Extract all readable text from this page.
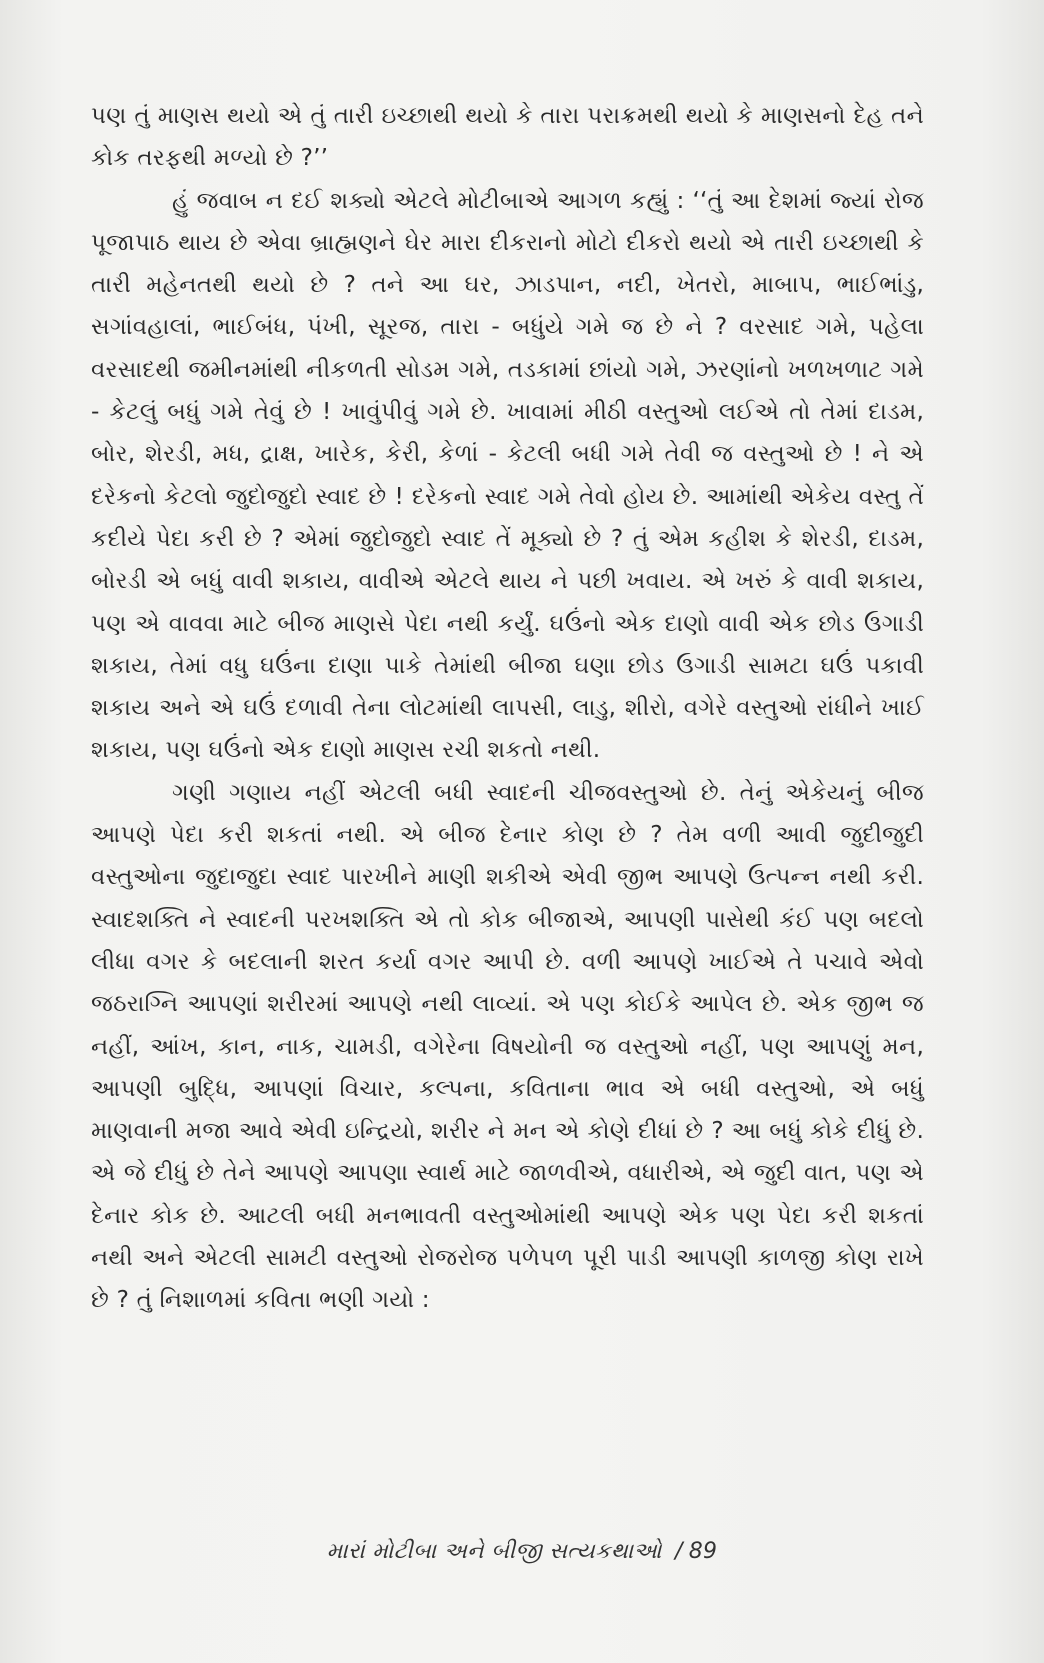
પણ તું માણસ થયો એ તું તારી ઇચ્છાથી થયો કે તારા પરાક્રમથી થયો કે માણસનો દેહ તને કોક તરફથી મળ્યો છે ?’’

હું જવાબ ન દઈ શક્યો એટલે મોટીબાએ આગળ કહ્યું : ‘‘તું આ દેશમાં જ્યાં રોજ પૂજાપાઠ થાય છે એવા બ્રાહ્મણને ઘેર મારા દીકરાનો મોટો દીકરો થયો એ તારી ઇચ્છાથી કે તારી મહેનતથી થયો છે ? તને આ ઘર, ઝાડપાન, નદી, ખેતરો, માબાપ, ભાઈભાંડુ, સગાંવહાલાં, ભાઈબંધ, પંખી, સૂરજ, તારા - બધુંયે ગમે જ છે ને ? વરસાદ ગમે, પહેલા વરસાદથી જમીનમાંથી નીકળતી સોડમ ગમે, તડકામાં છાંયો ગમે, ઝરણાંનો ખળખળાટ ગમે - કેટલું બધું ગમે તેવું છે ! ખાવુંપીવું ગમે છે. ખાવામાં મીઠી વસ્તુઓ લઈએ તો તેમાં દાડમ, બોર, શેરડી, મધ, દ્રાક્ષ, ખારેક, કેરી, કેળાં - કેટલી બધી ગમે તેવી જ વસ્તુઓ છે ! ને એ દરેકનો કેટલો જુદોજુદો સ્વાદ છે ! દરેકનો સ્વાદ ગમે તેવો હોય છે. આમાંથી એકેય વસ્તુ તેં કદીયે પેદા કરી છે ? એમાં જુદોજુદો સ્વાદ તેં મૂક્યો છે ? તું એમ કહીશ કે શેરડી, દાડમ, બોરડી એ બધું વાવી શકાય, વાવીએ એટલે થાય ને પછી ખવાય. એ ખરું કે વાવી શકાય, પણ એ વાવવા માટે બીજ માણસે પેદા નથી કર્યું. ઘઉંનો એક દાણો વાવી એક છોડ ઉગાડી શકાય, તેમાં વધુ ઘઉંના દાણા પાકે તેમાંથી બીજા ઘણા છોડ ઉગાડી સામટા ઘઉં પકાવી શકાય અને એ ઘઉં દળાવી તેના લોટમાંથી લાપસી, લાડુ, શીરો, વગેરે વસ્તુઓ રાંધીને ખાઈ શકાય, પણ ઘઉંનો એક દાણો માણસ રચી શકતો નથી.

ગણી ગણાય નહીં એટલી બધી સ્વાદની ચીજવસ્તુઓ છે. તેનું એકેયનું બીજ આપણે પેદા કરી શકતાં નથી. એ બીજ દેનાર કોણ છે ? તેમ વળી આવી જુદીજુદી વસ્તુઓના જુદાજુદા સ્વાદ પારખીને માણી શકીએ એવી જીભ આપણે ઉત્પન્ન નથી કરી. સ્વાદશક્તિ ને સ્વાદની પરખશક્તિ એ તો કોક બીજાએ, આપણી પાસેથી કંઈ પણ બદલો લીધા વગર કે બદલાની શરત કર્યા વગર આપી છે. વળી આપણે ખાઈએ તે પચાવે એવો જઠરાગ્નિ આપણાં શરીરમાં આપણે નથી લાવ્યાં. એ પણ કોઈકે આપેલ છે. એક જીભ જ નહીં, આંખ, કાન, નાક, ચામડી, વગેરેના વિષયોની જ વસ્તુઓ નહીં, પણ આપણું મન, આપણી બુદ્ધિ, આપણાં વિચાર, કલ્પના, કવિતાના ભાવ એ બધી વસ્તુઓ, એ બધું માણવાની મજા આવે એવી ઇન્દ્રિયો, શરીર ને મન એ કોણે દીધાં છે ? આ બધું કોકે દીધું છે. એ જે દીધું છે તેને આપણે આપણા સ્વાર્થ માટે જાળવીએ, વધારીએ, એ જુદી વાત, પણ એ દેનાર કોક છે. આટલી બધી મનભાવતી વસ્તુઓમાંથી આપણે એક પણ પેદા કરી શકતાં નથી અને એટલી સામટી વસ્તુઓ રોજરોજ પળેપળ પૂરી પાડી આપણી કાળજી કોણ રાખે છે ? તું નિશાળમાં કવિતા ભણી ગયો :

મારાં મોટીબા અને બીજી સત્યકથાઓ / 89
